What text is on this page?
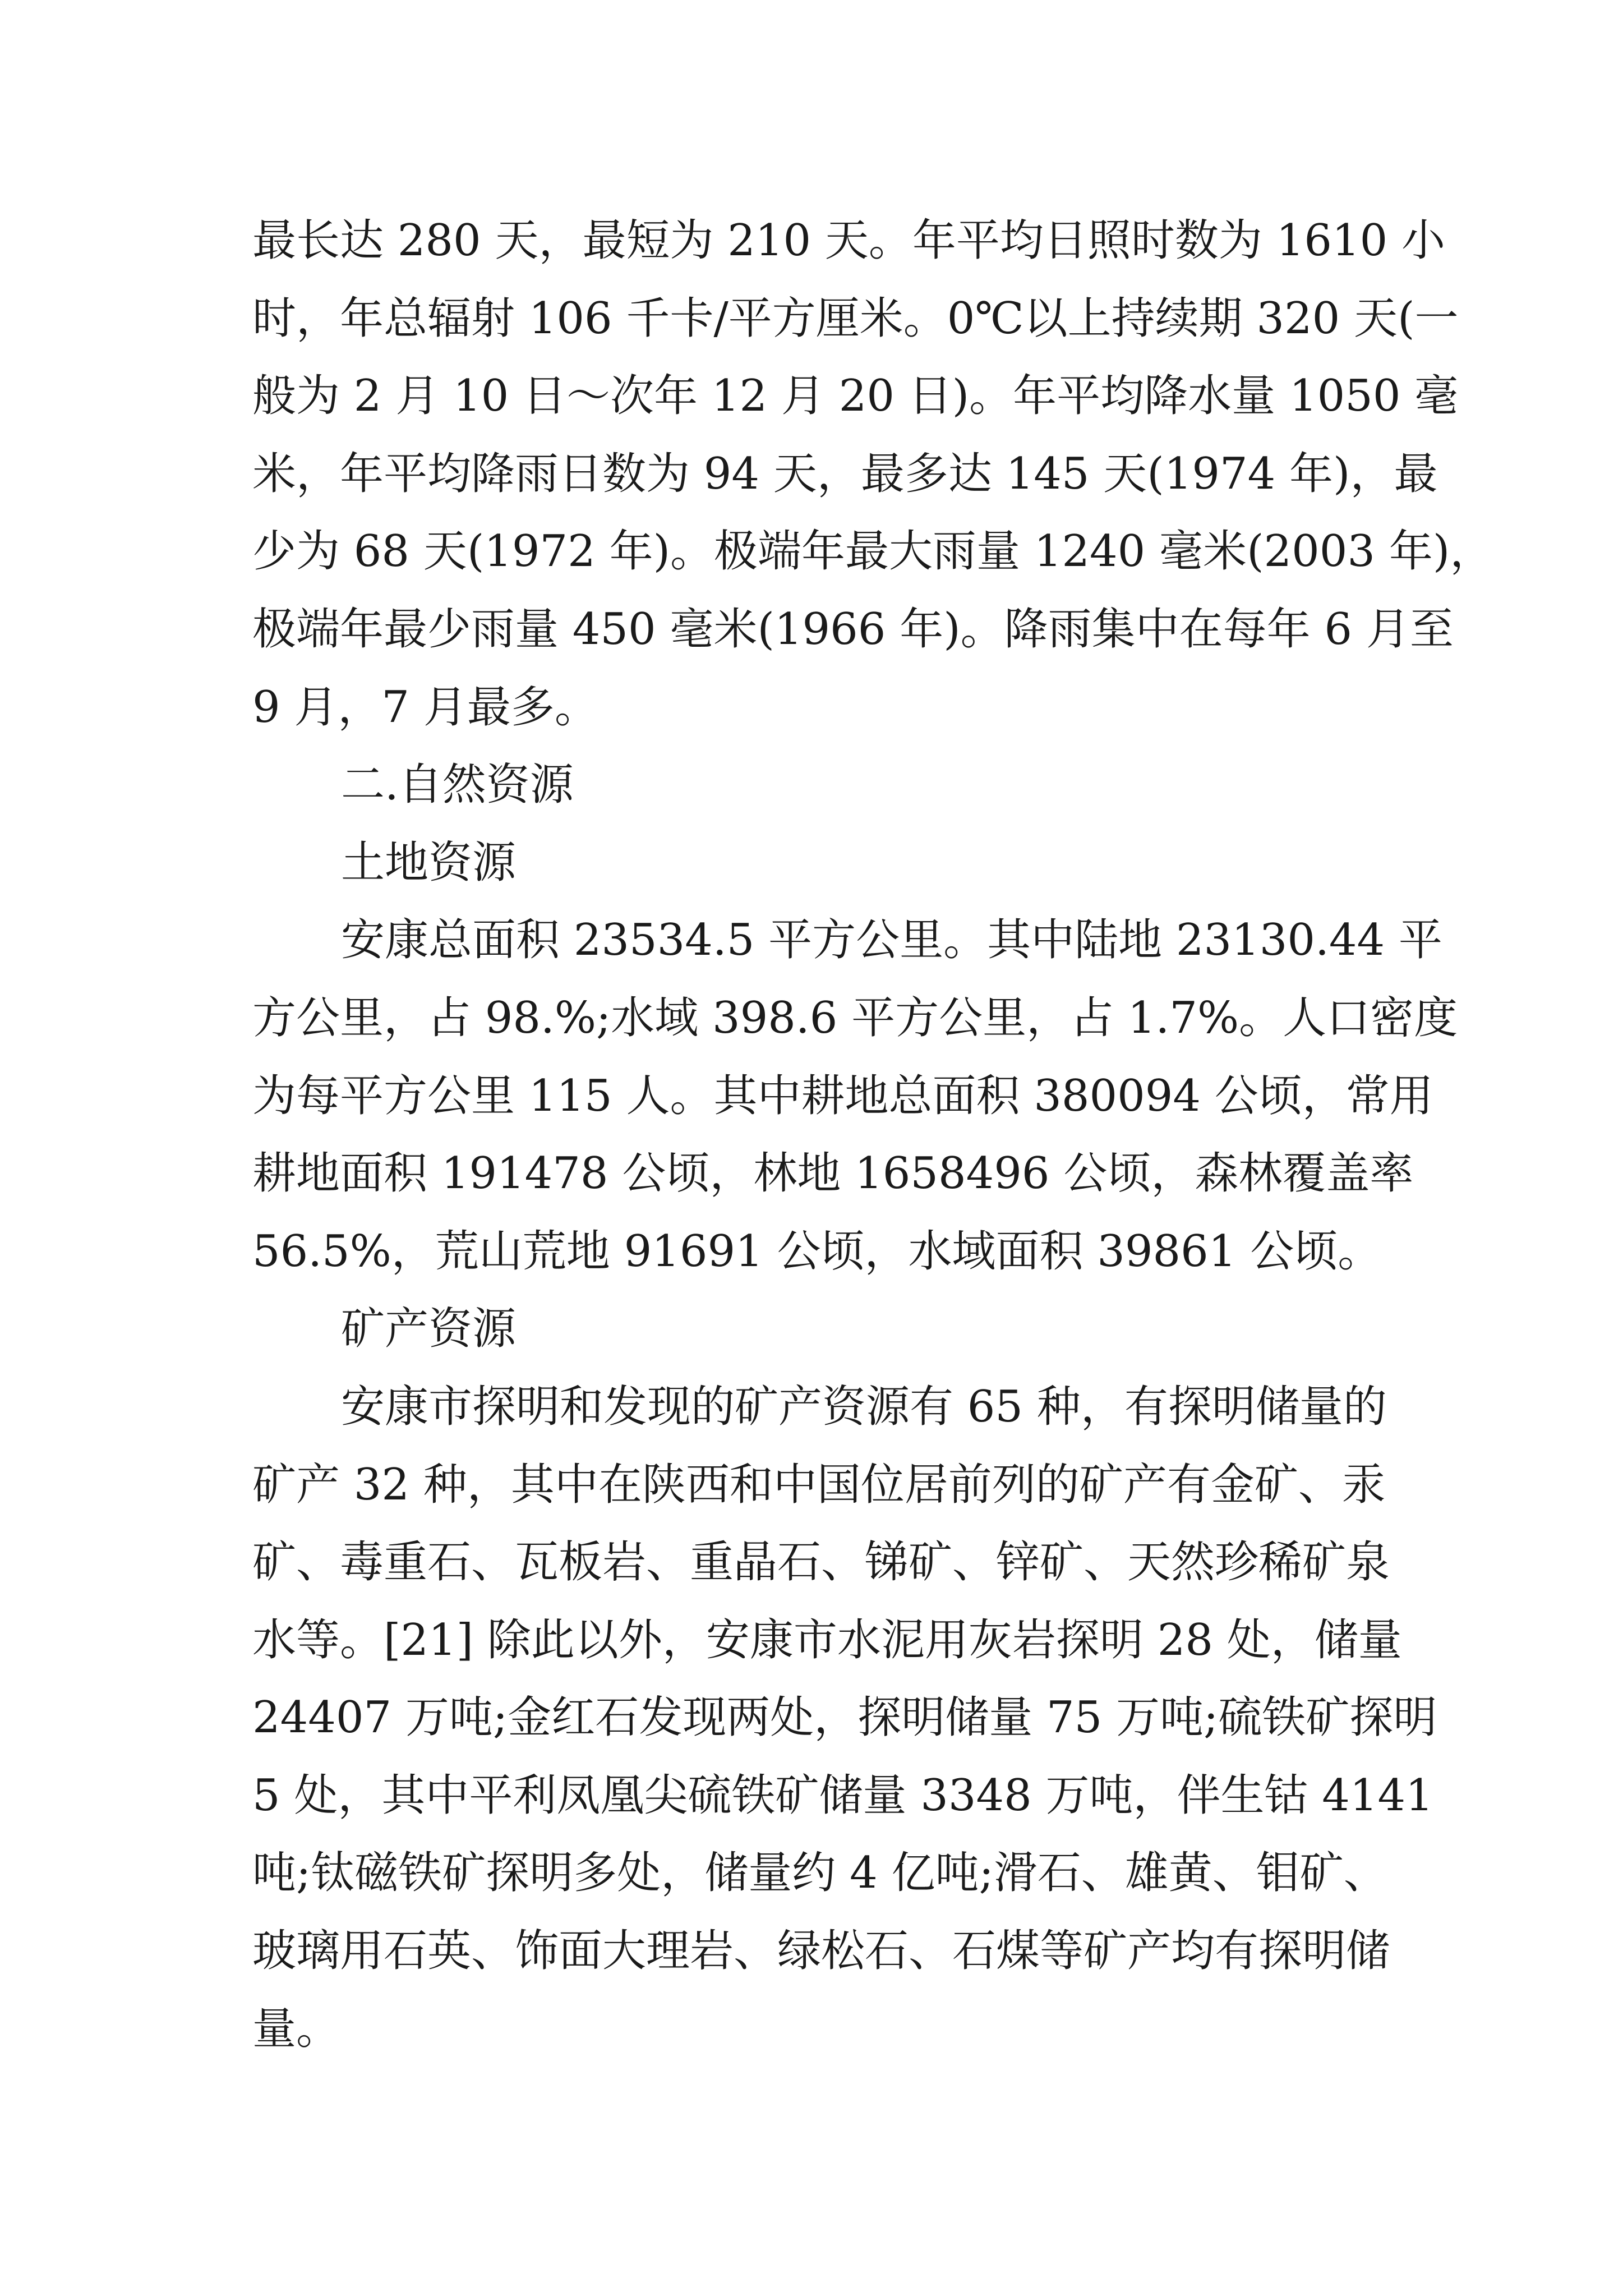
最长达 280 天，最短为 210 天。年平均日照时数为 1610 小
时，年总辐射 106 千卡/平方厘米。0℃以上持续期 320 天(一
般为 2 月 10 日～次年 12 月 20 日)。年平均降水量 1050 毫
米，年平均降雨日数为 94 天，最多达 145 天(1974 年)，最
少为 68 天(1972 年)。极端年最大雨量 1240 毫米(2003 年)，
极端年最少雨量 450 毫米(1966 年)。降雨集中在每年 6 月至
9 月，7 月最多。
二.自然资源
土地资源
安康总面积 23534.5 平方公里。其中陆地 23130.44 平
方公里，占 98.%;水域 398.6 平方公里，占 1.7%。人口密度
为每平方公里 115 人。其中耕地总面积 380094 公顷，常用
耕地面积 191478 公顷，林地 1658496 公顷，森林覆盖率
56.5%，荒山荒地 91691 公顷，水域面积 39861 公顷。
矿产资源
安康市探明和发现的矿产资源有 65 种，有探明储量的
矿产 32 种，其中在陕西和中国位居前列的矿产有金矿、汞
矿、毒重石、瓦板岩、重晶石、锑矿、锌矿、天然珍稀矿泉
水等。[21] 除此以外，安康市水泥用灰岩探明 28 处，储量
24407 万吨;金红石发现两处，探明储量 75 万吨;硫铁矿探明
5 处，其中平利凤凰尖硫铁矿储量 3348 万吨，伴生钴 4141
吨;钛磁铁矿探明多处，储量约 4 亿吨;滑石、雄黄、钼矿、
玻璃用石英、饰面大理岩、绿松石、石煤等矿产均有探明储
量。
